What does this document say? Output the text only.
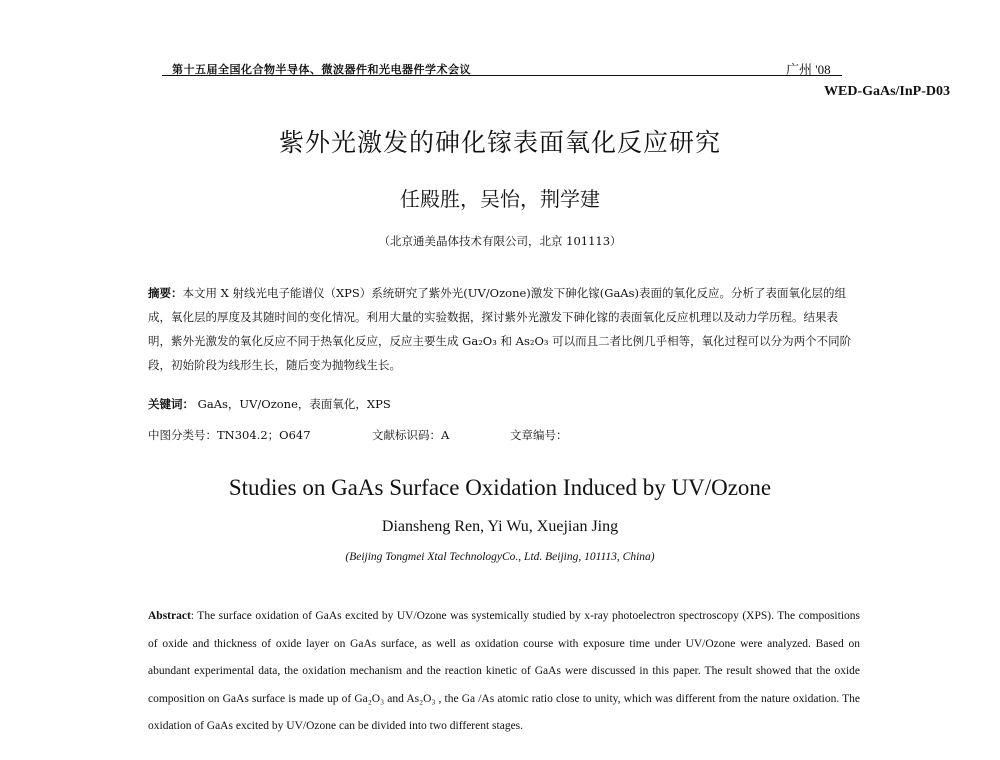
第十五届全国化合物半导体、微波器件和光电器件学术会议	广州 '08
WED-GaAs/InP-D03
紫外光激发的砷化镓表面氧化反应研究
任殿胜，吴怡，荆学建
（北京通美晶体技术有限公司，北京 101113）
摘要：本文用 X 射线光电子能谱仪（XPS）系统研究了紫外光(UV/Ozone)激发下砷化镓(GaAs)表面的氧化反应。分析了表面氧化层的组成，氧化层的厚度及其随时间的变化情况。利用大量的实验数据，探讨紫外光激发下砷化镓的表面氧化反应机理以及动力学历程。结果表明，紫外光激发的氧化反应不同于热氧化反应，反应主要生成 Ga₂O₃ 和 As₂O₃ 可以而且二者比例几乎相等，氧化过程可以分为两个不同阶段，初始阶段为线形生长，随后变为抛物线生长。
关键词： GaAs，UV/Ozone，表面氧化，XPS
中图分类号：TN304.2；O647	文献标识码：A	文章编号：
Studies on GaAs Surface Oxidation Induced by UV/Ozone
Diansheng Ren, Yi Wu, Xuejian Jing
(Beijing Tongmei Xtal TechnologyCo., Ltd. Beijing, 101113, China)
Abstract: The surface oxidation of GaAs excited by UV/Ozone was systemically studied by x-ray photoelectron spectroscopy (XPS). The compositions of oxide and thickness of oxide layer on GaAs surface, as well as oxidation course with exposure time under UV/Ozone were analyzed. Based on abundant experimental data, the oxidation mechanism and the reaction kinetic of GaAs were discussed in this paper. The result showed that the oxide composition on GaAs surface is made up of Ga₂O₃ and As₂O₃ , the Ga /As atomic ratio close to unity, which was different from the nature oxidation. The oxidation of GaAs excited by UV/Ozone can be divided into two different stages.
